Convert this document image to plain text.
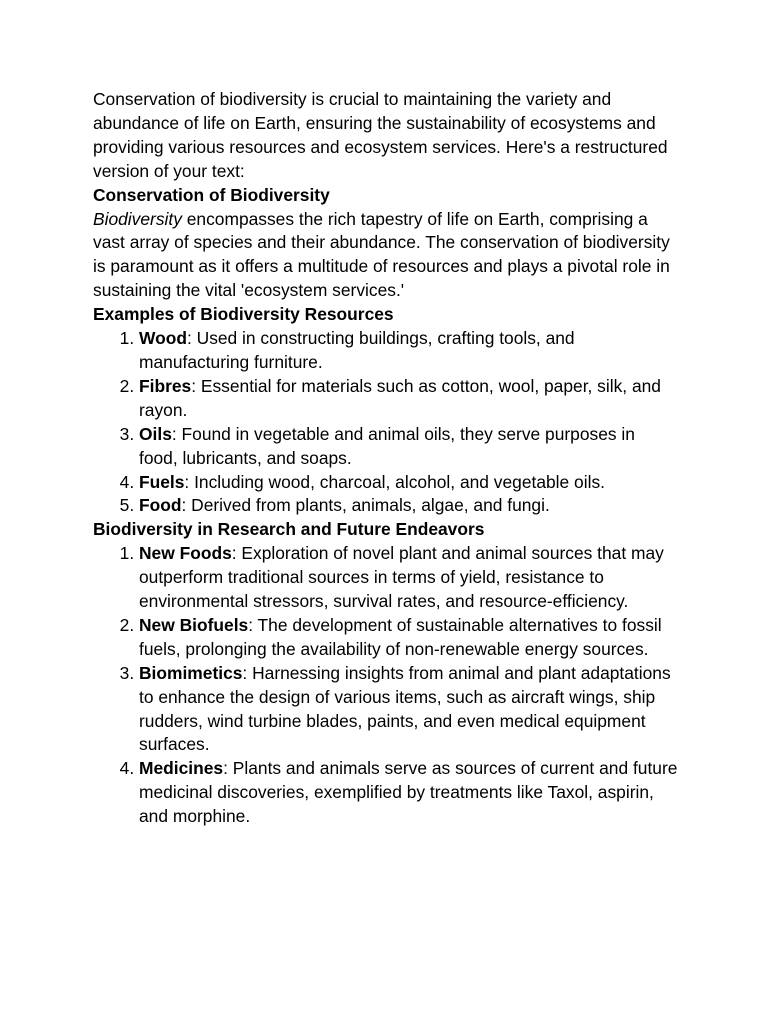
Conservation of biodiversity is crucial to maintaining the variety and abundance of life on Earth, ensuring the sustainability of ecosystems and providing various resources and ecosystem services. Here's a restructured version of your text:

Conservation of Biodiversity

Biodiversity encompasses the rich tapestry of life on Earth, comprising a vast array of species and their abundance. The conservation of biodiversity is paramount as it offers a multitude of resources and plays a pivotal role in sustaining the vital 'ecosystem services.'

Examples of Biodiversity Resources

1. Wood: Used in constructing buildings, crafting tools, and manufacturing furniture.
2. Fibres: Essential for materials such as cotton, wool, paper, silk, and rayon.
3. Oils: Found in vegetable and animal oils, they serve purposes in food, lubricants, and soaps.
4. Fuels: Including wood, charcoal, alcohol, and vegetable oils.
5. Food: Derived from plants, animals, algae, and fungi.

Biodiversity in Research and Future Endeavors

1. New Foods: Exploration of novel plant and animal sources that may outperform traditional sources in terms of yield, resistance to environmental stressors, survival rates, and resource-efficiency.
2. New Biofuels: The development of sustainable alternatives to fossil fuels, prolonging the availability of non-renewable energy sources.
3. Biomimetics: Harnessing insights from animal and plant adaptations to enhance the design of various items, such as aircraft wings, ship rudders, wind turbine blades, paints, and even medical equipment surfaces.
4. Medicines: Plants and animals serve as sources of current and future medicinal discoveries, exemplified by treatments like Taxol, aspirin, and morphine.
